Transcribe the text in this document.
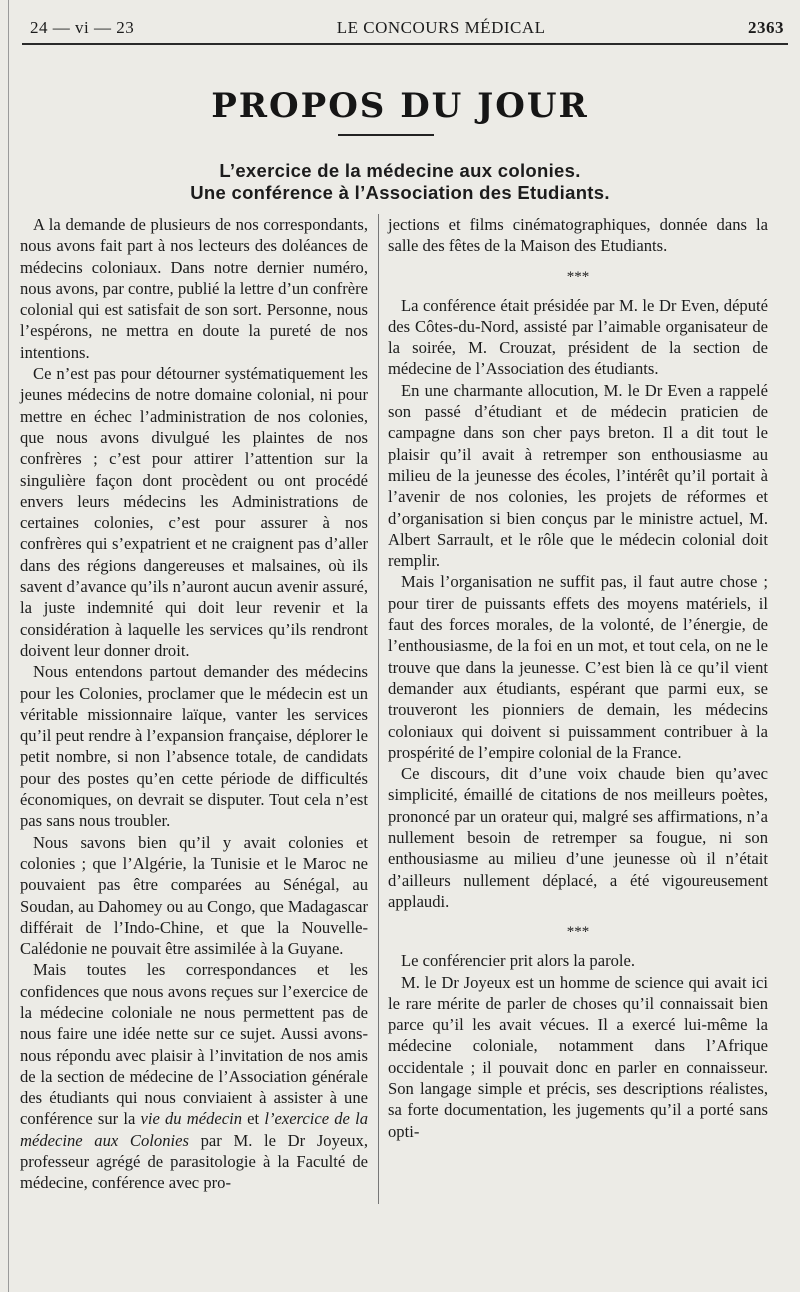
24 — vi — 23	LE CONCOURS MÉDICAL	2363
PROPOS DU JOUR
L’exercice de la médecine aux colonies.
Une conférence à l’Association des Etudiants.

A la demande de plusieurs de nos correspondants, nous avons fait part à nos lecteurs des doléances de médecins coloniaux. Dans notre dernier numéro, nous avons, par contre, publié la lettre d’un confrère colonial qui est satisfait de son sort. Personne, nous l’espérons, ne mettra en doute la pureté de nos intentions.

Ce n’est pas pour détourner systématiquement les jeunes médecins de notre domaine colonial, ni pour mettre en échec l’administration de nos colonies, que nous avons divulgué les plaintes de nos confrères ; c’est pour attirer l’attention sur la singulière façon dont procèdent ou ont procédé envers leurs médecins les Administrations de certaines colonies, c’est pour assurer à nos confrères qui s’expatrient et ne craignent pas d’aller dans des régions dangereuses et malsaines, où ils savent d’avance qu’ils n’auront aucun avenir assuré, la juste indemnité qui doit leur revenir et la considération à laquelle les services qu’ils rendront doivent leur donner droit.

Nous entendons partout demander des médecins pour les Colonies, proclamer que le médecin est un véritable missionnaire laïque, vanter les services qu’il peut rendre à l’expansion française, déplorer le petit nombre, si non l’absence totale, de candidats pour des postes qu’en cette période de difficultés économiques, on devrait se disputer. Tout cela n’est pas sans nous troubler.

Nous savons bien qu’il y avait colonies et colonies ; que l’Algérie, la Tunisie et le Maroc ne pouvaient pas être comparées au Sénégal, au Soudan, au Dahomey ou au Congo, que Madagascar différait de l’Indo-Chine, et que la Nouvelle-Calédonie ne pouvait être assimilée à la Guyane.

Mais toutes les correspondances et les confidences que nous avons reçues sur l’exercice de la médecine coloniale ne nous permettent pas de nous faire une idée nette sur ce sujet. Aussi avons-nous répondu avec plaisir à l’invitation de nos amis de la section de médecine de l’Association générale des étudiants qui nous conviaient à assister à une conférence sur la vie du médecin et l’exercice de la médecine aux Colonies par M. le Dr Joyeux, professeur agrégé de parasitologie à la Faculté de médecine, conférence avec pro-

jections et films cinématographiques, donnée dans la salle des fêtes de la Maison des Etudiants.

***

La conférence était présidée par M. le Dr Even, député des Côtes-du-Nord, assisté par l’aimable organisateur de la soirée, M. Crouzat, président de la section de médecine de l’Association des étudiants.

En une charmante allocution, M. le Dr Even a rappelé son passé d’étudiant et de médecin praticien de campagne dans son cher pays breton. Il a dit tout le plaisir qu’il avait à retremper son enthousiasme au milieu de la jeunesse des écoles, l’intérêt qu’il portait à l’avenir de nos colonies, les projets de réformes et d’organisation si bien conçus par le ministre actuel, M. Albert Sarrault, et le rôle que le médecin colonial doit remplir.

Mais l’organisation ne suffit pas, il faut autre chose ; pour tirer de puissants effets des moyens matériels, il faut des forces morales, de la volonté, de l’énergie, de l’enthousiasme, de la foi en un mot, et tout cela, on ne le trouve que dans la jeunesse. C’est bien là ce qu’il vient demander aux étudiants, espérant que parmi eux, se trouveront les pionniers de demain, les médecins coloniaux qui doivent si puissamment contribuer à la prospérité de l’empire colonial de la France.

Ce discours, dit d’une voix chaude bien qu’avec simplicité, émaillé de citations de nos meilleurs poètes, prononcé par un orateur qui, malgré ses affirmations, n’a nullement besoin de retremper sa fougue, ni son enthousiasme au milieu d’une jeunesse où il n’était d’ailleurs nullement déplacé, a été vigoureusement applaudi.

***

Le conférencier prit alors la parole.

M. le Dr Joyeux est un homme de science qui avait ici le rare mérite de parler de choses qu’il connaissait bien parce qu’il les avait vécues. Il a exercé lui-même la médecine coloniale, notamment dans l’Afrique occidentale ; il pouvait donc en parler en connaisseur. Son langage simple et précis, ses descriptions réalistes, sa forte documentation, les jugements qu’il a porté sans opti-
